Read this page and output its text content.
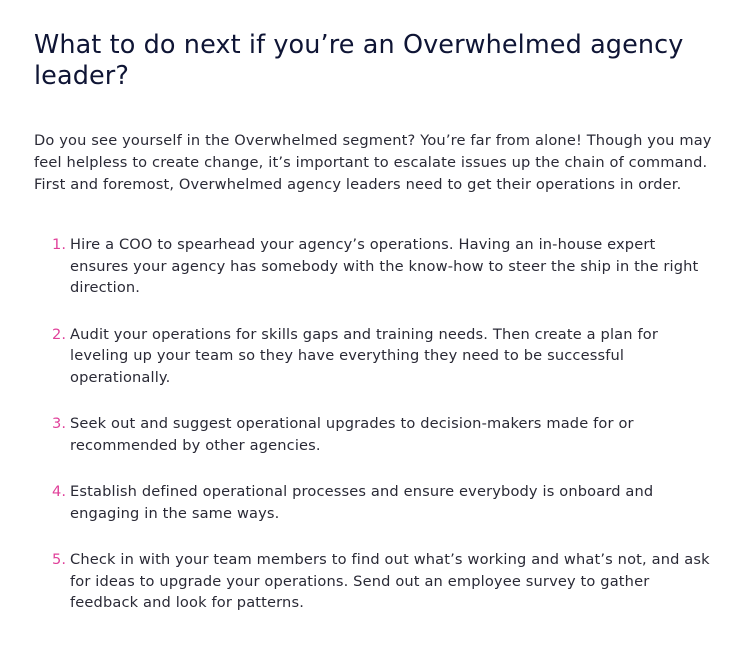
What to do next if you’re an Overwhelmed agency leader?

Do you see yourself in the Overwhelmed segment? You’re far from alone! Though you may feel helpless to create change, it’s important to escalate issues up the chain of command. First and foremost, Overwhelmed agency leaders need to get their operations in order.

1. Hire a COO to spearhead your agency’s operations. Having an in-house expert ensures your agency has somebody with the know-how to steer the ship in the right direction.
2. Audit your operations for skills gaps and training needs. Then create a plan for leveling up your team so they have everything they need to be successful operationally.
3. Seek out and suggest operational upgrades to decision-makers made for or recommended by other agencies.
4. Establish defined operational processes and ensure everybody is onboard and engaging in the same ways.
5. Check in with your team members to find out what’s working and what’s not, and ask for ideas to upgrade your operations. Send out an employee survey to gather feedback and look for patterns.
